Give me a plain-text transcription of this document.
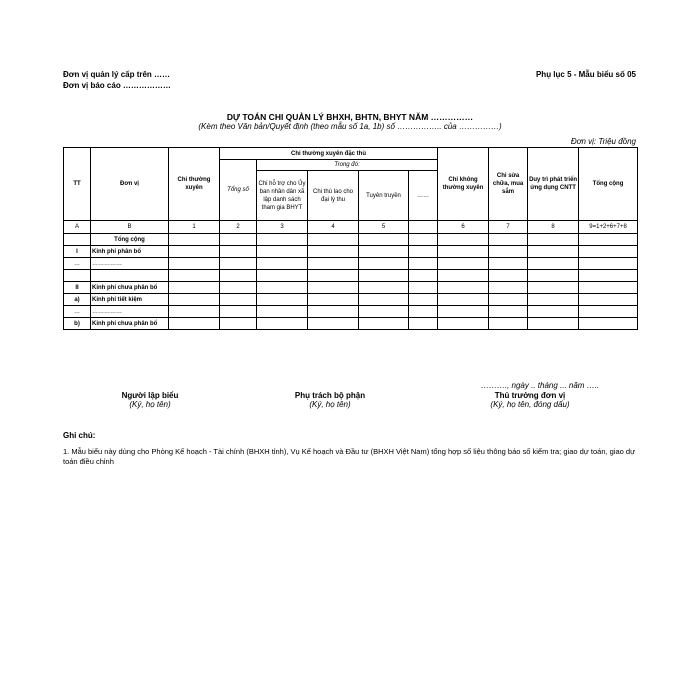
Đơn vị quản lý cấp trên ……
Đơn vị báo cáo ………………
Phụ lục 5 - Mẫu biểu số 05
DỰ TOÁN CHI QUẢN LÝ BHXH, BHTN, BHYT NĂM ……………
(Kèm theo Văn bản/Quyết định (theo mẫu số 1a, 1b) số …………….. của ……………)
Đơn vị: Triệu đồng
TT	Đơn vị	Chi thường xuyên	Chi thường xuyên đặc thù					Chi không thường xuyên	Chi sửa chữa, mua sắm	Duy trì phát triển ứng dụng CNTT	Tổng cộng
			Tổng số	Trong đó:							
				Chi hỗ trợ cho Ủy ban nhân dân xã lập danh sách tham gia BHYT	Chi thù lao cho đại lý thu	Tuyên truyền	……				
A	B	1	2	3	4	5		6	7	8	9=1+2+6+7+8
	Tổng cộng										
I	Kinh phí phân bổ										
…	……………										

II	Kinh phí chưa phân bổ										
a)	Kinh phí tiết kiệm										
…	……………										
b)	Kinh phí chưa phân bổ										
………., ngày .. tháng ... năm …..
Người lập biểu
(Ký, họ tên)
Phụ trách bộ phận
(Ký, họ tên)
Thủ trưởng đơn vị
(Ký, họ tên, đóng dấu)
Ghi chú:
1. Mẫu biểu này dùng cho Phòng Kế hoạch - Tài chính (BHXH tỉnh), Vụ Kế hoạch và Đầu tư (BHXH Việt Nam) tổng hợp số liệu thông báo số kiểm tra; giao dự toán, giao dự toán điều chỉnh
